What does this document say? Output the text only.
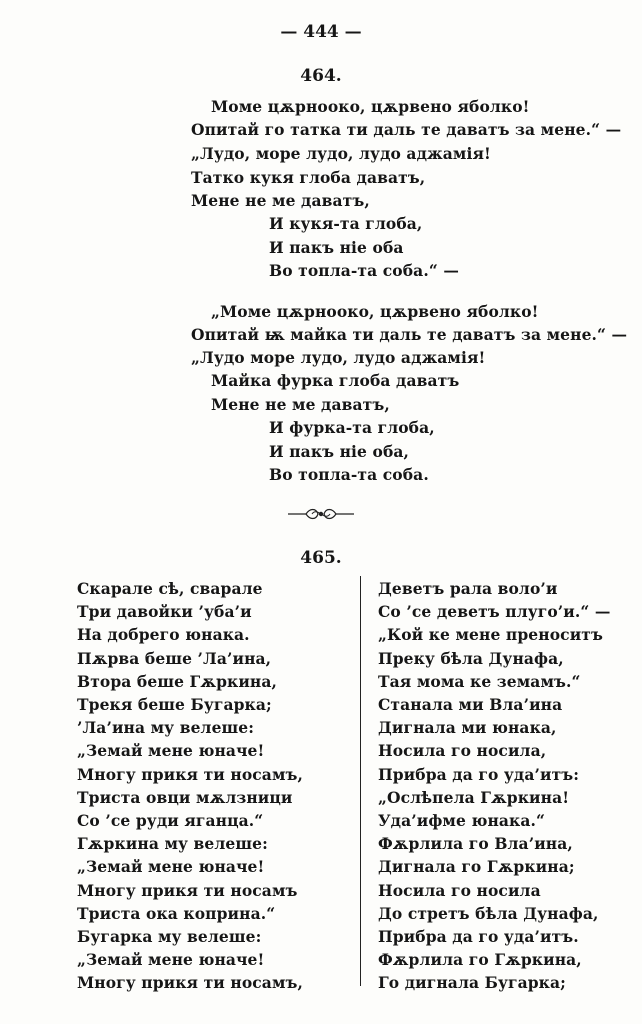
— 444 —
464.
Моме цѫрнооко, цѫрвено яболко!
Опитай го татка ти даль те даватъ за мене.“ —
„Лудо, море лудо, лудо аджамія!
Татко кукя глоба даватъ,
Мене не ме даватъ,
И кукя-та глоба,
И пакъ ніе оба
Во топла-та соба.“ —
„Моме цѫрнооко, цѫрвено яболко!
Опитай ѭ майка ти даль те даватъ за мене.“ —
„Лудо море лудо, лудо аджамія!
Майка фурка глоба даватъ
Мене не ме даватъ,
И фурка-та глоба,
И пакъ ніе оба,
Во топла-та соба.
465.
Скарале сѣ, сварале
Три давойки ’уба’и
На добрего юнака.
Пѫрва беше ’Ла’ина,
Втора беше Гѫркина,
Трекя беше Бугарка;
’Ла’ина му велеше:
„Земай мене юначе!
Многу прикя ти носамъ,
Триста овци мѫлзници
Со ’се руди яганца.“
Гѫркина му велеше:
„Земай мене юначе!
Многу прикя ти носамъ
Триста ока коприна.“
Бугарка му велеше:
„Земай мене юначе!
Многу прикя ти носамъ,
Деветъ рала воло’и
Со ’се деветъ плуго’и.“ —
„Кой ке мене преноситъ
Преку бѣла Дунафа,
Тая мома ке земамъ.“
Станала ми Вла’ина
Дигнала ми юнака,
Носила го носила,
Прибра да го уда’итъ:
„Ослѣпела Гѫркина!
Уда’ифме юнака.“
Фѫрлила го Вла’ина,
Дигнала го Гѫркина;
Носила го носила
До стретъ бѣла Дунафа,
Прибра да го уда’итъ.
Фѫрлила го Гѫркина,
Го дигнала Бугарка;
